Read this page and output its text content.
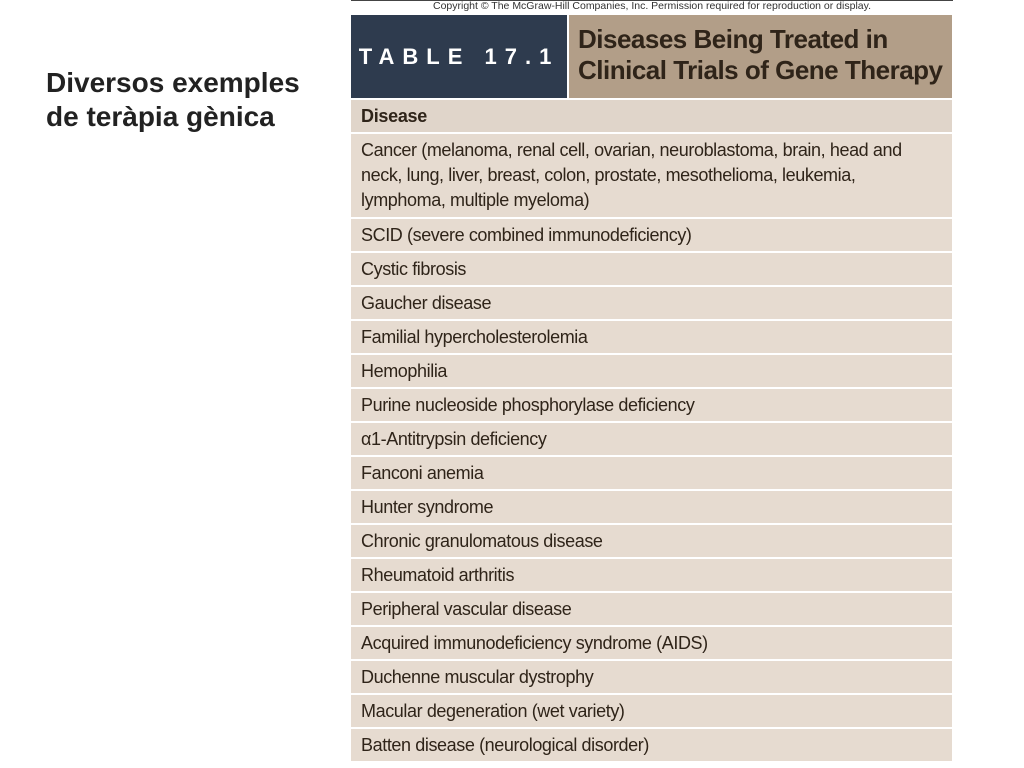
Diversos exemples de teràpia gènica
Copyright © The McGraw-Hill Companies, Inc. Permission required for reproduction or display.
TABLE 17.1
Diseases Being Treated in Clinical Trials of Gene Therapy
Disease
Cancer (melanoma, renal cell, ovarian, neuroblastoma, brain, head and neck, lung, liver, breast, colon, prostate, mesothelioma, leukemia, lymphoma, multiple myeloma)
SCID (severe combined immunodeficiency)
Cystic fibrosis
Gaucher disease
Familial hypercholesterolemia
Hemophilia
Purine nucleoside phosphorylase deficiency
α1-Antitrypsin deficiency
Fanconi anemia
Hunter syndrome
Chronic granulomatous disease
Rheumatoid arthritis
Peripheral vascular disease
Acquired immunodeficiency syndrome (AIDS)
Duchenne muscular dystrophy
Macular degeneration (wet variety)
Batten disease (neurological disorder)
